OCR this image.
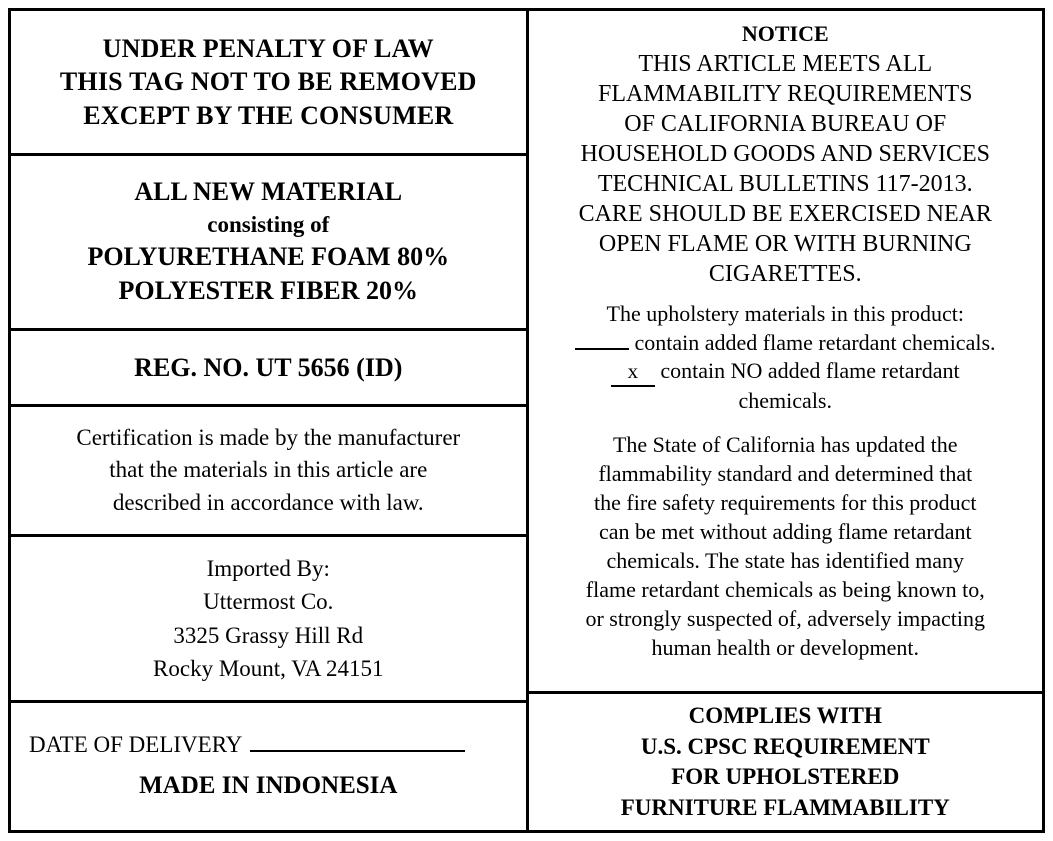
UNDER PENALTY OF LAW
THIS TAG NOT TO BE REMOVED
EXCEPT BY THE CONSUMER
ALL NEW MATERIAL
consisting of
POLYURETHANE FOAM 80%
POLYESTER FIBER 20%
REG. NO. UT 5656 (ID)
Certification is made by the manufacturer
that the materials in this article are
described in accordance with law.
Imported By:
Uttermost Co.
3325 Grassy Hill Rd
Rocky Mount, VA 24151
DATE OF DELIVERY
MADE IN INDONESIA
NOTICE
THIS ARTICLE MEETS ALL
FLAMMABILITY REQUIREMENTS
OF CALIFORNIA BUREAU OF
HOUSEHOLD GOODS AND SERVICES
TECHNICAL BULLETINS 117-2013.
CARE SHOULD BE EXERCISED NEAR
OPEN FLAME OR WITH BURNING
CIGARETTES.
The upholstery materials in this product:
contain added flame retardant chemicals.
x contain NO added flame retardant
chemicals.
The State of California has updated the
flammability standard and determined that
the fire safety requirements for this product
can be met without adding flame retardant
chemicals. The state has identified many
flame retardant chemicals as being known to,
or strongly suspected of, adversely impacting
human health or development.
COMPLIES WITH
U.S. CPSC REQUIREMENT
FOR UPHOLSTERED
FURNITURE FLAMMABILITY
